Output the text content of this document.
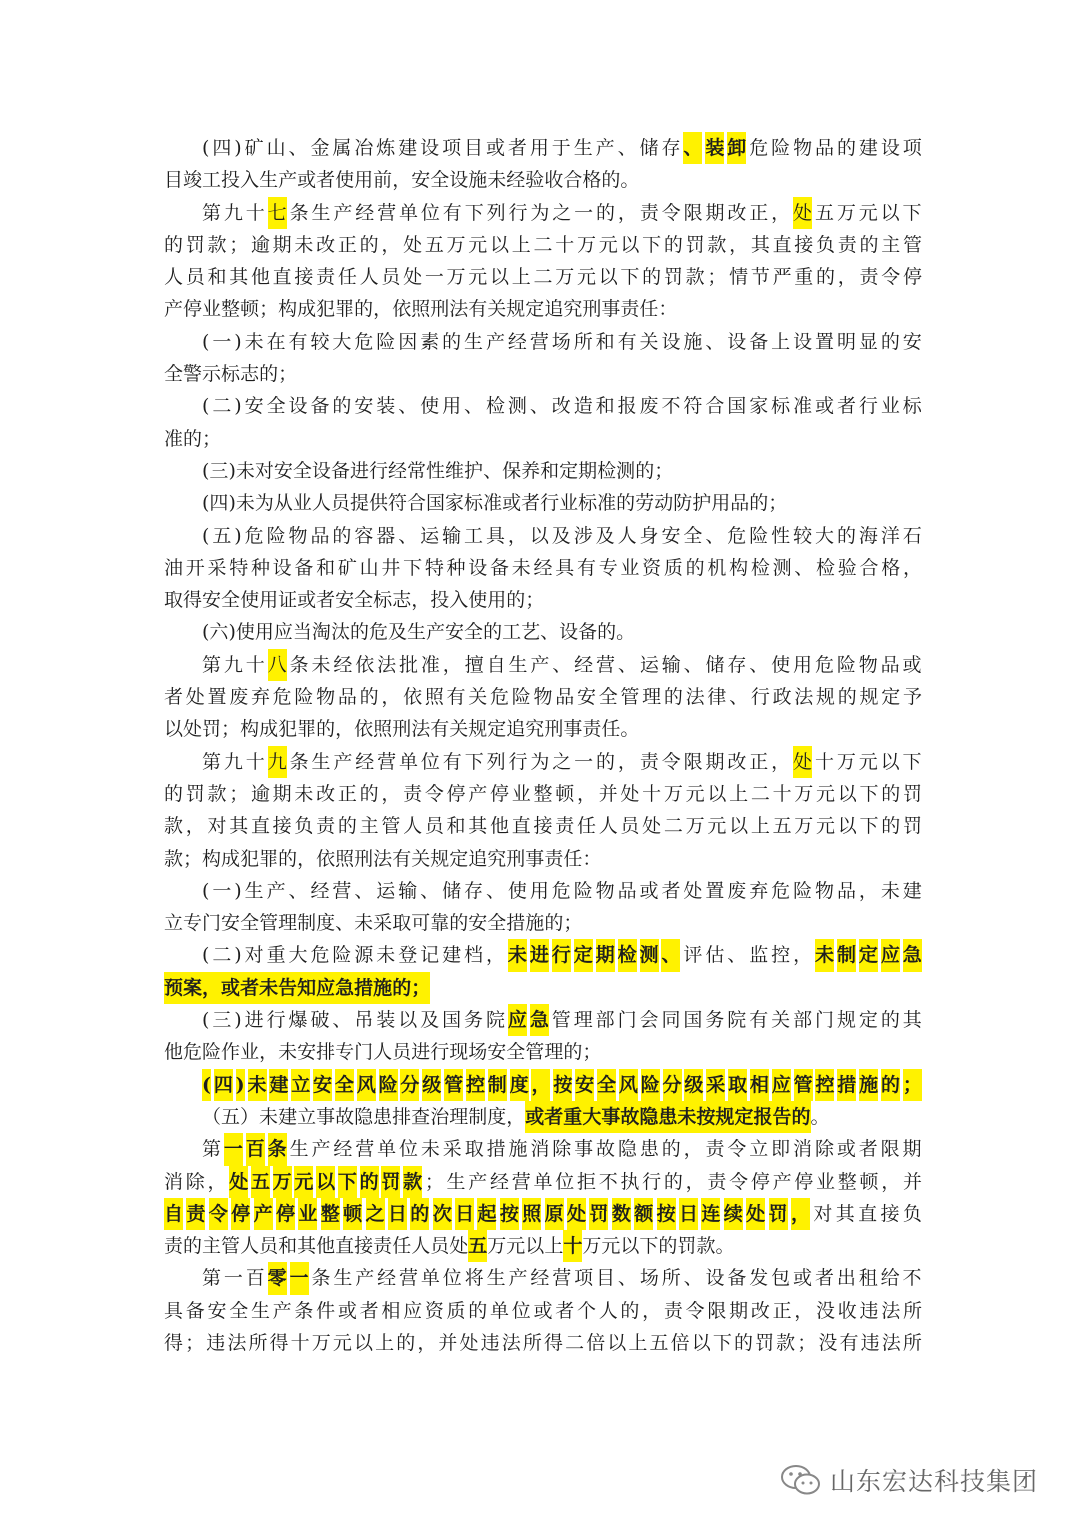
( 四 ) 矿 山 、 金 属 冶 炼 建 设 项 目 或 者 用 于 生 产 、 储 存 、 装 卸 危 险 物 品 的 建 设 项
目 竣 工 投 入 生 产 或 者 使 用 前 ， 安 全 设 施 未 经 验 收 合 格 的 。
第 九 十 七 条 生 产 经 营 单 位 有 下 列 行 为 之 一 的 ， 责 令 限 期 改 正 ， 处 五 万 元 以 下
的 罚 款 ； 逾 期 未 改 正 的 ， 处 五 万 元 以 上 二 十 万 元 以 下 的 罚 款 ， 其 直 接 负 责 的 主 管
人 员 和 其 他 直 接 责 任 人 员 处 一 万 元 以 上 二 万 元 以 下 的 罚 款 ； 情 节 严 重 的 ， 责 令 停
产 停 业 整 顿 ； 构 成 犯 罪 的 ， 依 照 刑 法 有 关 规 定 追 究 刑 事 责 任 ：
( 一 ) 未 在 有 较 大 危 险 因 素 的 生 产 经 营 场 所 和 有 关 设 施 、 设 备 上 设 置 明 显 的 安
全 警 示 标 志 的 ；
( 二 ) 安 全 设 备 的 安 装 、 使 用 、 检 测 、 改 造 和 报 废 不 符 合 国 家 标 准 或 者 行 业 标
准 的 ；
( 三 ) 未 对 安 全 设 备 进 行 经 常 性 维 护 、 保 养 和 定 期 检 测 的 ；
( 四 ) 未 为 从 业 人 员 提 供 符 合 国 家 标 准 或 者 行 业 标 准 的 劳 动 防 护 用 品 的 ；
( 五 ) 危 险 物 品 的 容 器 、 运 输 工 具 ， 以 及 涉 及 人 身 安 全 、 危 险 性 较 大 的 海 洋 石
油 开 采 特 种 设 备 和 矿 山 井 下 特 种 设 备 未 经 具 有 专 业 资 质 的 机 构 检 测 、 检 验 合 格 ，
取 得 安 全 使 用 证 或 者 安 全 标 志 ， 投 入 使 用 的 ；
( 六 ) 使 用 应 当 淘 汰 的 危 及 生 产 安 全 的 工 艺 、 设 备 的 。
第 九 十 八 条 未 经 依 法 批 准 ， 擅 自 生 产 、 经 营 、 运 输 、 储 存 、 使 用 危 险 物 品 或
者 处 置 废 弃 危 险 物 品 的 ， 依 照 有 关 危 险 物 品 安 全 管 理 的 法 律 、 行 政 法 规 的 规 定 予
以 处 罚 ； 构 成 犯 罪 的 ， 依 照 刑 法 有 关 规 定 追 究 刑 事 责 任 。
第 九 十 九 条 生 产 经 营 单 位 有 下 列 行 为 之 一 的 ， 责 令 限 期 改 正 ， 处 十 万 元 以 下
的 罚 款 ； 逾 期 未 改 正 的 ， 责 令 停 产 停 业 整 顿 ， 并 处 十 万 元 以 上 二 十 万 元 以 下 的 罚
款 ， 对 其 直 接 负 责 的 主 管 人 员 和 其 他 直 接 责 任 人 员 处 二 万 元 以 上 五 万 元 以 下 的 罚
款 ； 构 成 犯 罪 的 ， 依 照 刑 法 有 关 规 定 追 究 刑 事 责 任 ：
( 一 ) 生 产 、 经 营 、 运 输 、 储 存 、 使 用 危 险 物 品 或 者 处 置 废 弃 危 险 物 品 ， 未 建
立 专 门 安 全 管 理 制 度 、 未 采 取 可 靠 的 安 全 措 施 的 ；
( 二 ) 对 重 大 危 险 源 未 登 记 建 档 ， 未 进 行 定 期 检 测 、 评 估 、 监 控 ， 未 制 定 应 急
预 案 ， 或 者 未 告 知 应 急 措 施 的 ；
( 三 ) 进 行 爆 破 、 吊 装 以 及 国 务 院 应 急 管 理 部 门 会 同 国 务 院 有 关 部 门 规 定 的 其
他 危 险 作 业 ， 未 安 排 专 门 人 员 进 行 现 场 安 全 管 理 的 ；
( 四 ) 未 建 立 安 全 风 险 分 级 管 控 制 度 ， 按 安 全 风 险 分 级 采 取 相 应 管 控 措 施 的 ；
（ 五 ） 未 建 立 事 故 隐 患 排 查 治 理 制 度 ， 或 者 重 大 事 故 隐 患 未 按 规 定 报 告 的 。
第 一 百 条 生 产 经 营 单 位 未 采 取 措 施 消 除 事 故 隐 患 的 ， 责 令 立 即 消 除 或 者 限 期
消 除 ， 处 五 万 元 以 下 的 罚 款 ； 生 产 经 营 单 位 拒 不 执 行 的 ， 责 令 停 产 停 业 整 顿 ， 并
自 责 令 停 产 停 业 整 顿 之 日 的 次 日 起 按 照 原 处 罚 数 额 按 日 连 续 处 罚 ， 对 其 直 接 负
责 的 主 管 人 员 和 其 他 直 接 责 任 人 员 处 五 万 元 以 上 十 万 元 以 下 的 罚 款 。
第 一 百 零 一 条 生 产 经 营 单 位 将 生 产 经 营 项 目 、 场 所 、 设 备 发 包 或 者 出 租 给 不
具 备 安 全 生 产 条 件 或 者 相 应 资 质 的 单 位 或 者 个 人 的 ， 责 令 限 期 改 正 ， 没 收 违 法 所
得 ； 违 法 所 得 十 万 元 以 上 的 ， 并 处 违 法 所 得 二 倍 以 上 五 倍 以 下 的 罚 款 ； 没 有 违 法 所
山东宏达科技集团
